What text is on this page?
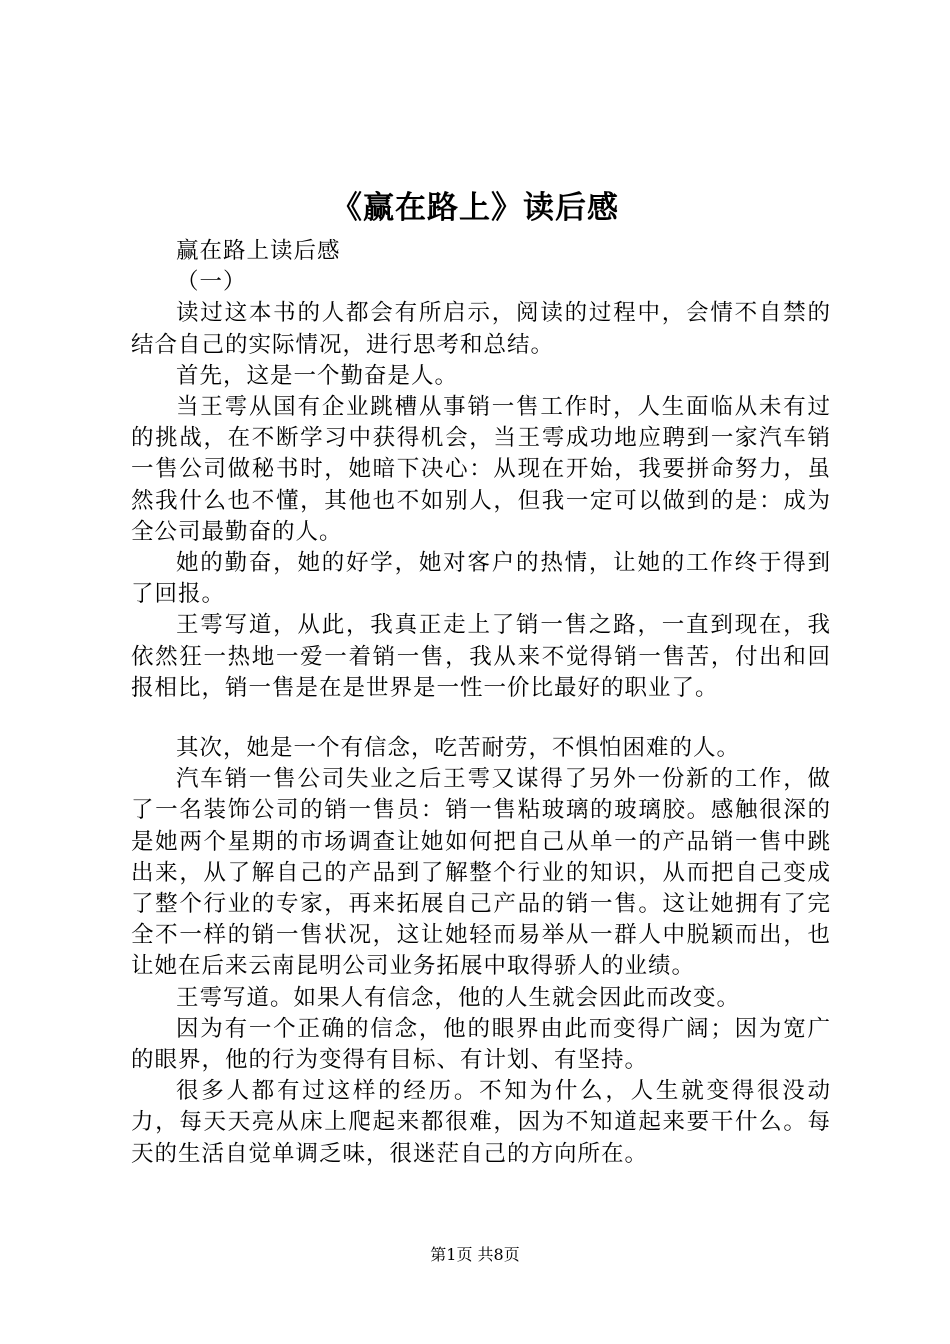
《赢在路上》读后感

赢在路上读后感

（一）

读过这本书的人都会有所启示，阅读的过程中，会情不自禁的结合自己的实际情况，进行思考和总结。

首先，这是一个勤奋是人。

当王雩从国有企业跳槽从事销一售工作时，人生面临从未有过的挑战，在不断学习中获得机会，当王雩成功地应聘到一家汽车销一售公司做秘书时，她暗下决心：从现在开始，我要拼命努力，虽然我什么也不懂，其他也不如别人，但我一定可以做到的是：成为全公司最勤奋的人。

她的勤奋，她的好学，她对客户的热情，让她的工作终于得到了回报。

王雩写道，从此，我真正走上了销一售之路，一直到现在，我依然狂一热地一爱一着销一售，我从来不觉得销一售苦，付出和回报相比，销一售是在是世界是一性一价比最好的职业了。

其次，她是一个有信念，吃苦耐劳，不惧怕困难的人。

汽车销一售公司失业之后王雩又谋得了另外一份新的工作，做了一名装饰公司的销一售员：销一售粘玻璃的玻璃胶。感触很深的是她两个星期的市场调查让她如何把自己从单一的产品销一售中跳出来，从了解自己的产品到了解整个行业的知识，从而把自己变成了整个行业的专家，再来拓展自己产品的销一售。这让她拥有了完全不一样的销一售状况，这让她轻而易举从一群人中脱颖而出，也让她在后来云南昆明公司业务拓展中取得骄人的业绩。

王雩写道。如果人有信念，他的人生就会因此而改变。

因为有一个正确的信念，他的眼界由此而变得广阔；因为宽广的眼界，他的行为变得有目标、有计划、有坚持。

很多人都有过这样的经历。不知为什么，人生就变得很没动力，每天天亮从床上爬起来都很难，因为不知道起来要干什么。每天的生活自觉单调乏味，很迷茫自己的方向所在。

第1页 共8页
